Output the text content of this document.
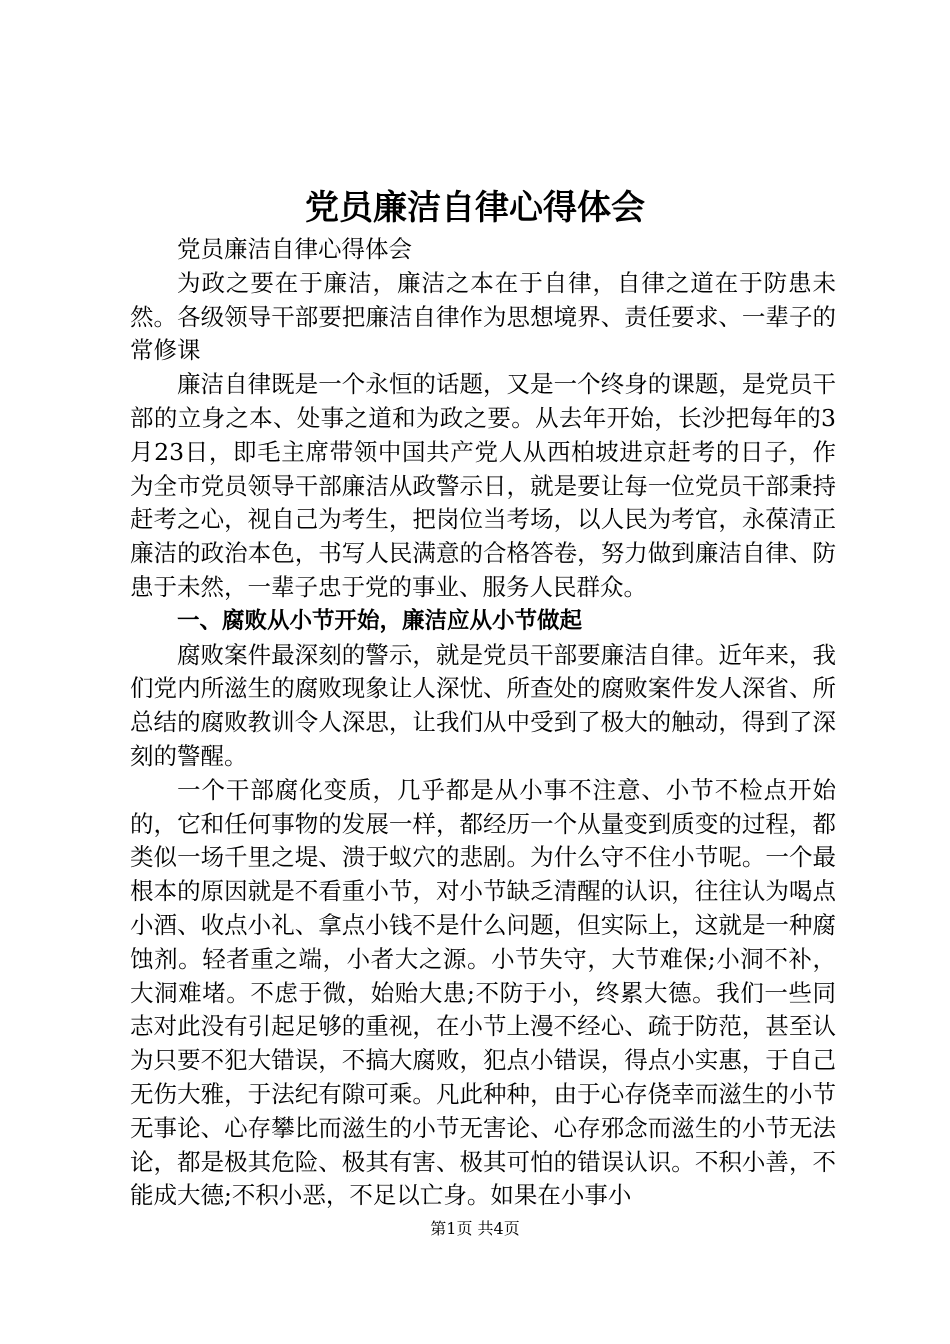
党员廉洁自律心得体会

党员廉洁自律心得体会

为政之要在于廉洁，廉洁之本在于自律，自律之道在于防患未然。各级领导干部要把廉洁自律作为思想境界、责任要求、一辈子的常修课

廉洁自律既是一个永恒的话题，又是一个终身的课题，是党员干部的立身之本、处事之道和为政之要。从去年开始，长沙把每年的3月23日，即毛主席带领中国共产党人从西柏坡进京赶考的日子，作为全市党员领导干部廉洁从政警示日，就是要让每一位党员干部秉持赶考之心，视自己为考生，把岗位当考场，以人民为考官，永葆清正廉洁的政治本色，书写人民满意的合格答卷，努力做到廉洁自律、防患于未然，一辈子忠于党的事业、服务人民群众。

一、腐败从小节开始，廉洁应从小节做起

腐败案件最深刻的警示，就是党员干部要廉洁自律。近年来，我们党内所滋生的腐败现象让人深忧、所查处的腐败案件发人深省、所总结的腐败教训令人深思，让我们从中受到了极大的触动，得到了深刻的警醒。

一个干部腐化变质，几乎都是从小事不注意、小节不检点开始的，它和任何事物的发展一样，都经历一个从量变到质变的过程，都类似一场千里之堤、溃于蚁穴的悲剧。为什么守不住小节呢。一个最根本的原因就是不看重小节，对小节缺乏清醒的认识，往往认为喝点小酒、收点小礼、拿点小钱不是什么问题，但实际上，这就是一种腐蚀剂。轻者重之端，小者大之源。小节失守，大节难保;小洞不补，大洞难堵。不虑于微，始贻大患;不防于小，终累大德。我们一些同志对此没有引起足够的重视，在小节上漫不经心、疏于防范，甚至认为只要不犯大错误，不搞大腐败，犯点小错误，得点小实惠，于自己无伤大雅，于法纪有隙可乘。凡此种种，由于心存侥幸而滋生的小节无事论、心存攀比而滋生的小节无害论、心存邪念而滋生的小节无法论，都是极其危险、极其有害、极其可怕的错误认识。不积小善，不能成大德;不积小恶，不足以亡身。如果在小事小

第1页 共4页
